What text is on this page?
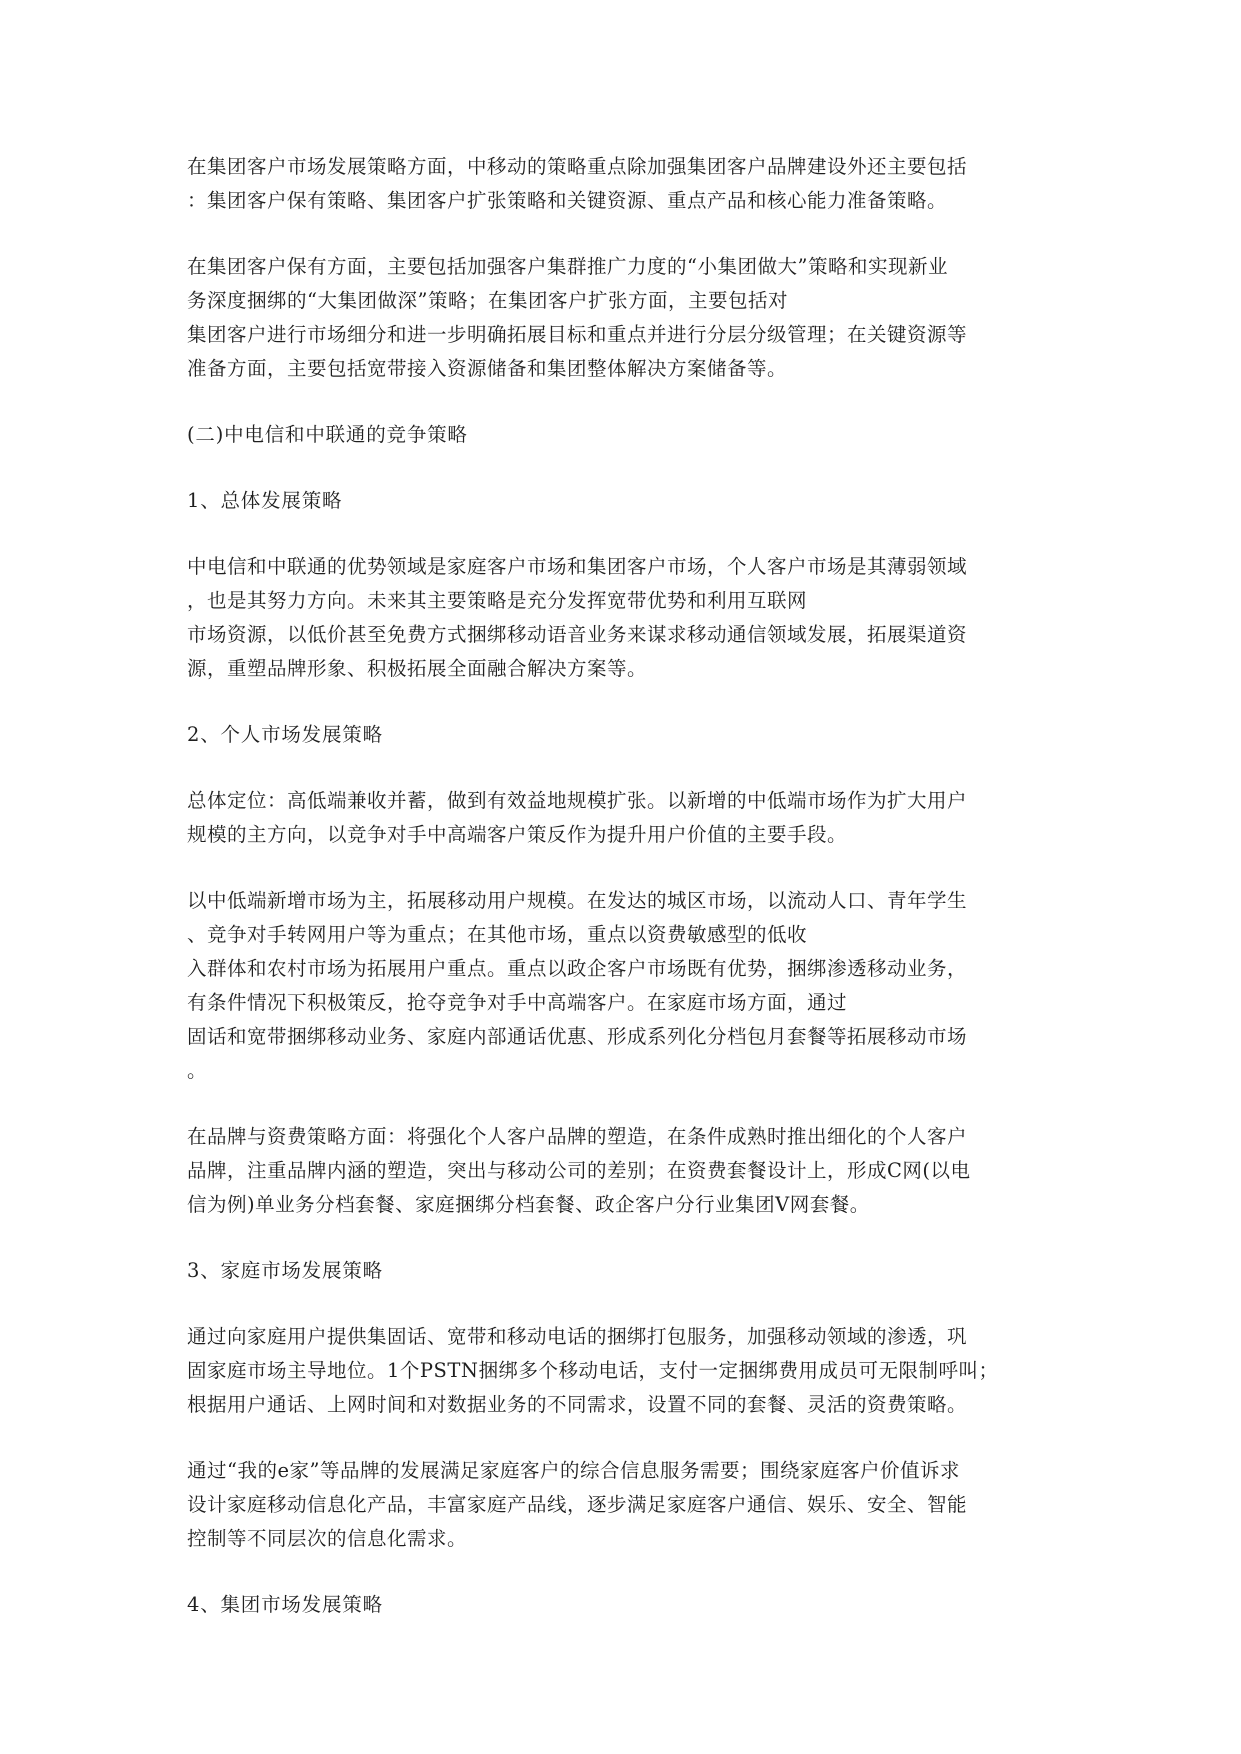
在集团客户市场发展策略方面，中移动的策略重点除加强集团客户品牌建设外还主要包括
：集团客户保有策略、集团客户扩张策略和关键资源、重点产品和核心能力准备策略。
在集团客户保有方面，主要包括加强客户集群推广力度的“小集团做大”策略和实现新业
务深度捆绑的“大集团做深”策略；在集团客户扩张方面，主要包括对
集团客户进行市场细分和进一步明确拓展目标和重点并进行分层分级管理；在关键资源等
准备方面，主要包括宽带接入资源储备和集团整体解决方案储备等。
(二)中电信和中联通的竞争策略
1、总体发展策略
中电信和中联通的优势领域是家庭客户市场和集团客户市场，个人客户市场是其薄弱领域
，也是其努力方向。未来其主要策略是充分发挥宽带优势和利用互联网
市场资源，以低价甚至免费方式捆绑移动语音业务来谋求移动通信领域发展，拓展渠道资
源，重塑品牌形象、积极拓展全面融合解决方案等。
2、个人市场发展策略
总体定位：高低端兼收并蓄，做到有效益地规模扩张。以新增的中低端市场作为扩大用户
规模的主方向，以竞争对手中高端客户策反作为提升用户价值的主要手段。
以中低端新增市场为主，拓展移动用户规模。在发达的城区市场，以流动人口、青年学生
、竞争对手转网用户等为重点；在其他市场，重点以资费敏感型的低收
入群体和农村市场为拓展用户重点。重点以政企客户市场既有优势，捆绑渗透移动业务，
有条件情况下积极策反，抢夺竞争对手中高端客户。在家庭市场方面，通过
固话和宽带捆绑移动业务、家庭内部通话优惠、形成系列化分档包月套餐等拓展移动市场
。
在品牌与资费策略方面：将强化个人客户品牌的塑造，在条件成熟时推出细化的个人客户
品牌，注重品牌内涵的塑造，突出与移动公司的差别；在资费套餐设计上，形成C网(以电
信为例)单业务分档套餐、家庭捆绑分档套餐、政企客户分行业集团V网套餐。
3、家庭市场发展策略
通过向家庭用户提供集固话、宽带和移动电话的捆绑打包服务，加强移动领域的渗透，巩
固家庭市场主导地位。1个PSTN捆绑多个移动电话，支付一定捆绑费用成员可无限制呼叫；
根据用户通话、上网时间和对数据业务的不同需求，设置不同的套餐、灵活的资费策略。
通过“我的e家”等品牌的发展满足家庭客户的综合信息服务需要；围绕家庭客户价值诉求
设计家庭移动信息化产品，丰富家庭产品线，逐步满足家庭客户通信、娱乐、安全、智能
控制等不同层次的信息化需求。
4、集团市场发展策略
